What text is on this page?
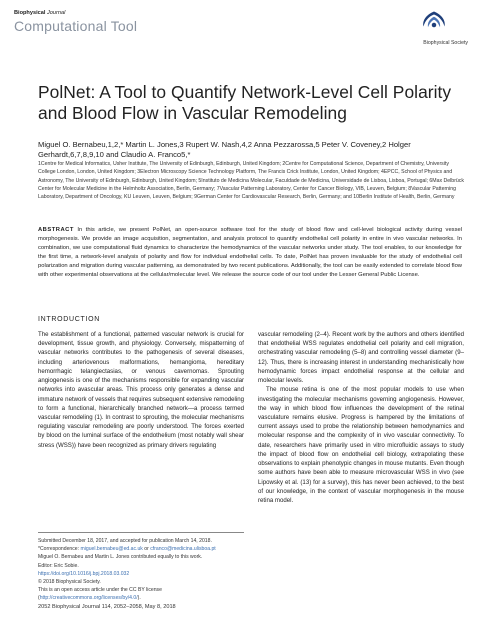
Biophysical Journal
Computational Tool
Biophysical Society
PolNet: A Tool to Quantify Network-Level Cell Polarity and Blood Flow in Vascular Remodeling
Miguel O. Bernabeu,1,2,* Martin L. Jones,3 Rupert W. Nash,4,2 Anna Pezzarossa,5 Peter V. Coveney,2 Holger Gerhardt,6,7,8,9,10 and Claudio A. Franco5,*
1Centre for Medical Informatics, Usher Institute, The University of Edinburgh, Edinburgh, United Kingdom; 2Centre for Computational Science, Department of Chemistry, University College London, London, United Kingdom; 3Electron Microscopy Science Technology Platform, The Francis Crick Institute, London, United Kingdom; 4EPCC, School of Physics and Astronomy, The University of Edinburgh, Edinburgh, United Kingdom; 5Instituto de Medicina Molecular, Faculdade de Medicina, Universidade de Lisboa, Lisboa, Portugal; 6Max Delbrück Center for Molecular Medicine in the Helmholtz Association, Berlin, Germany; 7Vascular Patterning Laboratory, Center for Cancer Biology, VIB, Leuven, Belgium; 8Vascular Patterning Laboratory, Department of Oncology, KU Leuven, Leuven, Belgium; 9German Center for Cardiovascular Research, Berlin, Germany; and 10Berlin Institute of Health, Berlin, Germany
ABSTRACT In this article, we present PolNet, an open-source software tool for the study of blood flow and cell-level biological activity during vessel morphogenesis. We provide an image acquisition, segmentation, and analysis protocol to quantify endothelial cell polarity in entire in vivo vascular networks. In combination, we use computational fluid dynamics to characterize the hemodynamics of the vascular networks under study. The tool enables, to our knowledge for the first time, a network-level analysis of polarity and flow for individual endothelial cells. To date, PolNet has proven invaluable for the study of endothelial cell polarization and migration during vascular patterning, as demonstrated by two recent publications. Additionally, the tool can be easily extended to correlate blood flow with other experimental observations at the cellular/molecular level. We release the source code of our tool under the Lesser General Public License.
INTRODUCTION

The establishment of a functional, patterned vascular network is crucial for development, tissue growth, and physiology. Conversely, mispatterning of vascular networks contributes to the pathogenesis of several diseases, including arteriovenous malformations, hemangioma, hereditary hemorrhagic telangiectasias, or venous cavernomas. Sprouting angiogenesis is one of the mechanisms responsible for expanding vascular networks into avascular areas. This process only generates a dense and immature network of vessels that requires subsequent extensive remodeling to form a functional, hierarchically branched network—a process termed vascular remodeling (1). In contrast to sprouting, the molecular mechanisms regulating vascular remodeling are poorly understood. The forces exerted by blood on the luminal surface of the endothelium (most notably wall shear stress (WSS)) have been recognized as primary drivers regulating

vascular remodeling (2–4). Recent work by the authors and others identified that endothelial WSS regulates endothelial cell polarity and cell migration, orchestrating vascular remodeling (5–8) and controlling vessel diameter (9–12). Thus, there is increasing interest in understanding mechanistically how hemodynamic forces impact endothelial response at the cellular and molecular levels.

The mouse retina is one of the most popular models to use when investigating the molecular mechanisms governing angiogenesis. However, the way in which blood flow influences the development of the retinal vasculature remains elusive. Progress is hampered by the limitations of current assays used to probe the relationship between hemodynamics and molecular response and the complexity of in vivo vascular connectivity. To date, researchers have primarily used in vitro microfluidic assays to study the impact of blood flow on endothelial cell biology, extrapolating these observations to explain phenotypic changes in mouse mutants. Even though some authors have been able to measure microvascular WSS in vivo (see Lipowsky et al. (13) for a survey), this has never been achieved, to the best of our knowledge, in the context of vascular morphogenesis in the mouse retina model.

Submitted December 18, 2017, and accepted for publication March 14, 2018.
*Correspondence: miguel.bernabeu@ed.ac.uk or cfranco@medicina.ulisboa.pt
Miguel O. Bernabeu and Martin L. Jones contributed equally to this work.
Editor: Eric Sobie.
https://doi.org/10.1016/j.bpj.2018.03.032
© 2018 Biophysical Society.
This is an open access article under the CC BY license (http://creativecommons.org/licenses/by/4.0/).
2052 Biophysical Journal 114, 2052–2058, May 8, 2018
